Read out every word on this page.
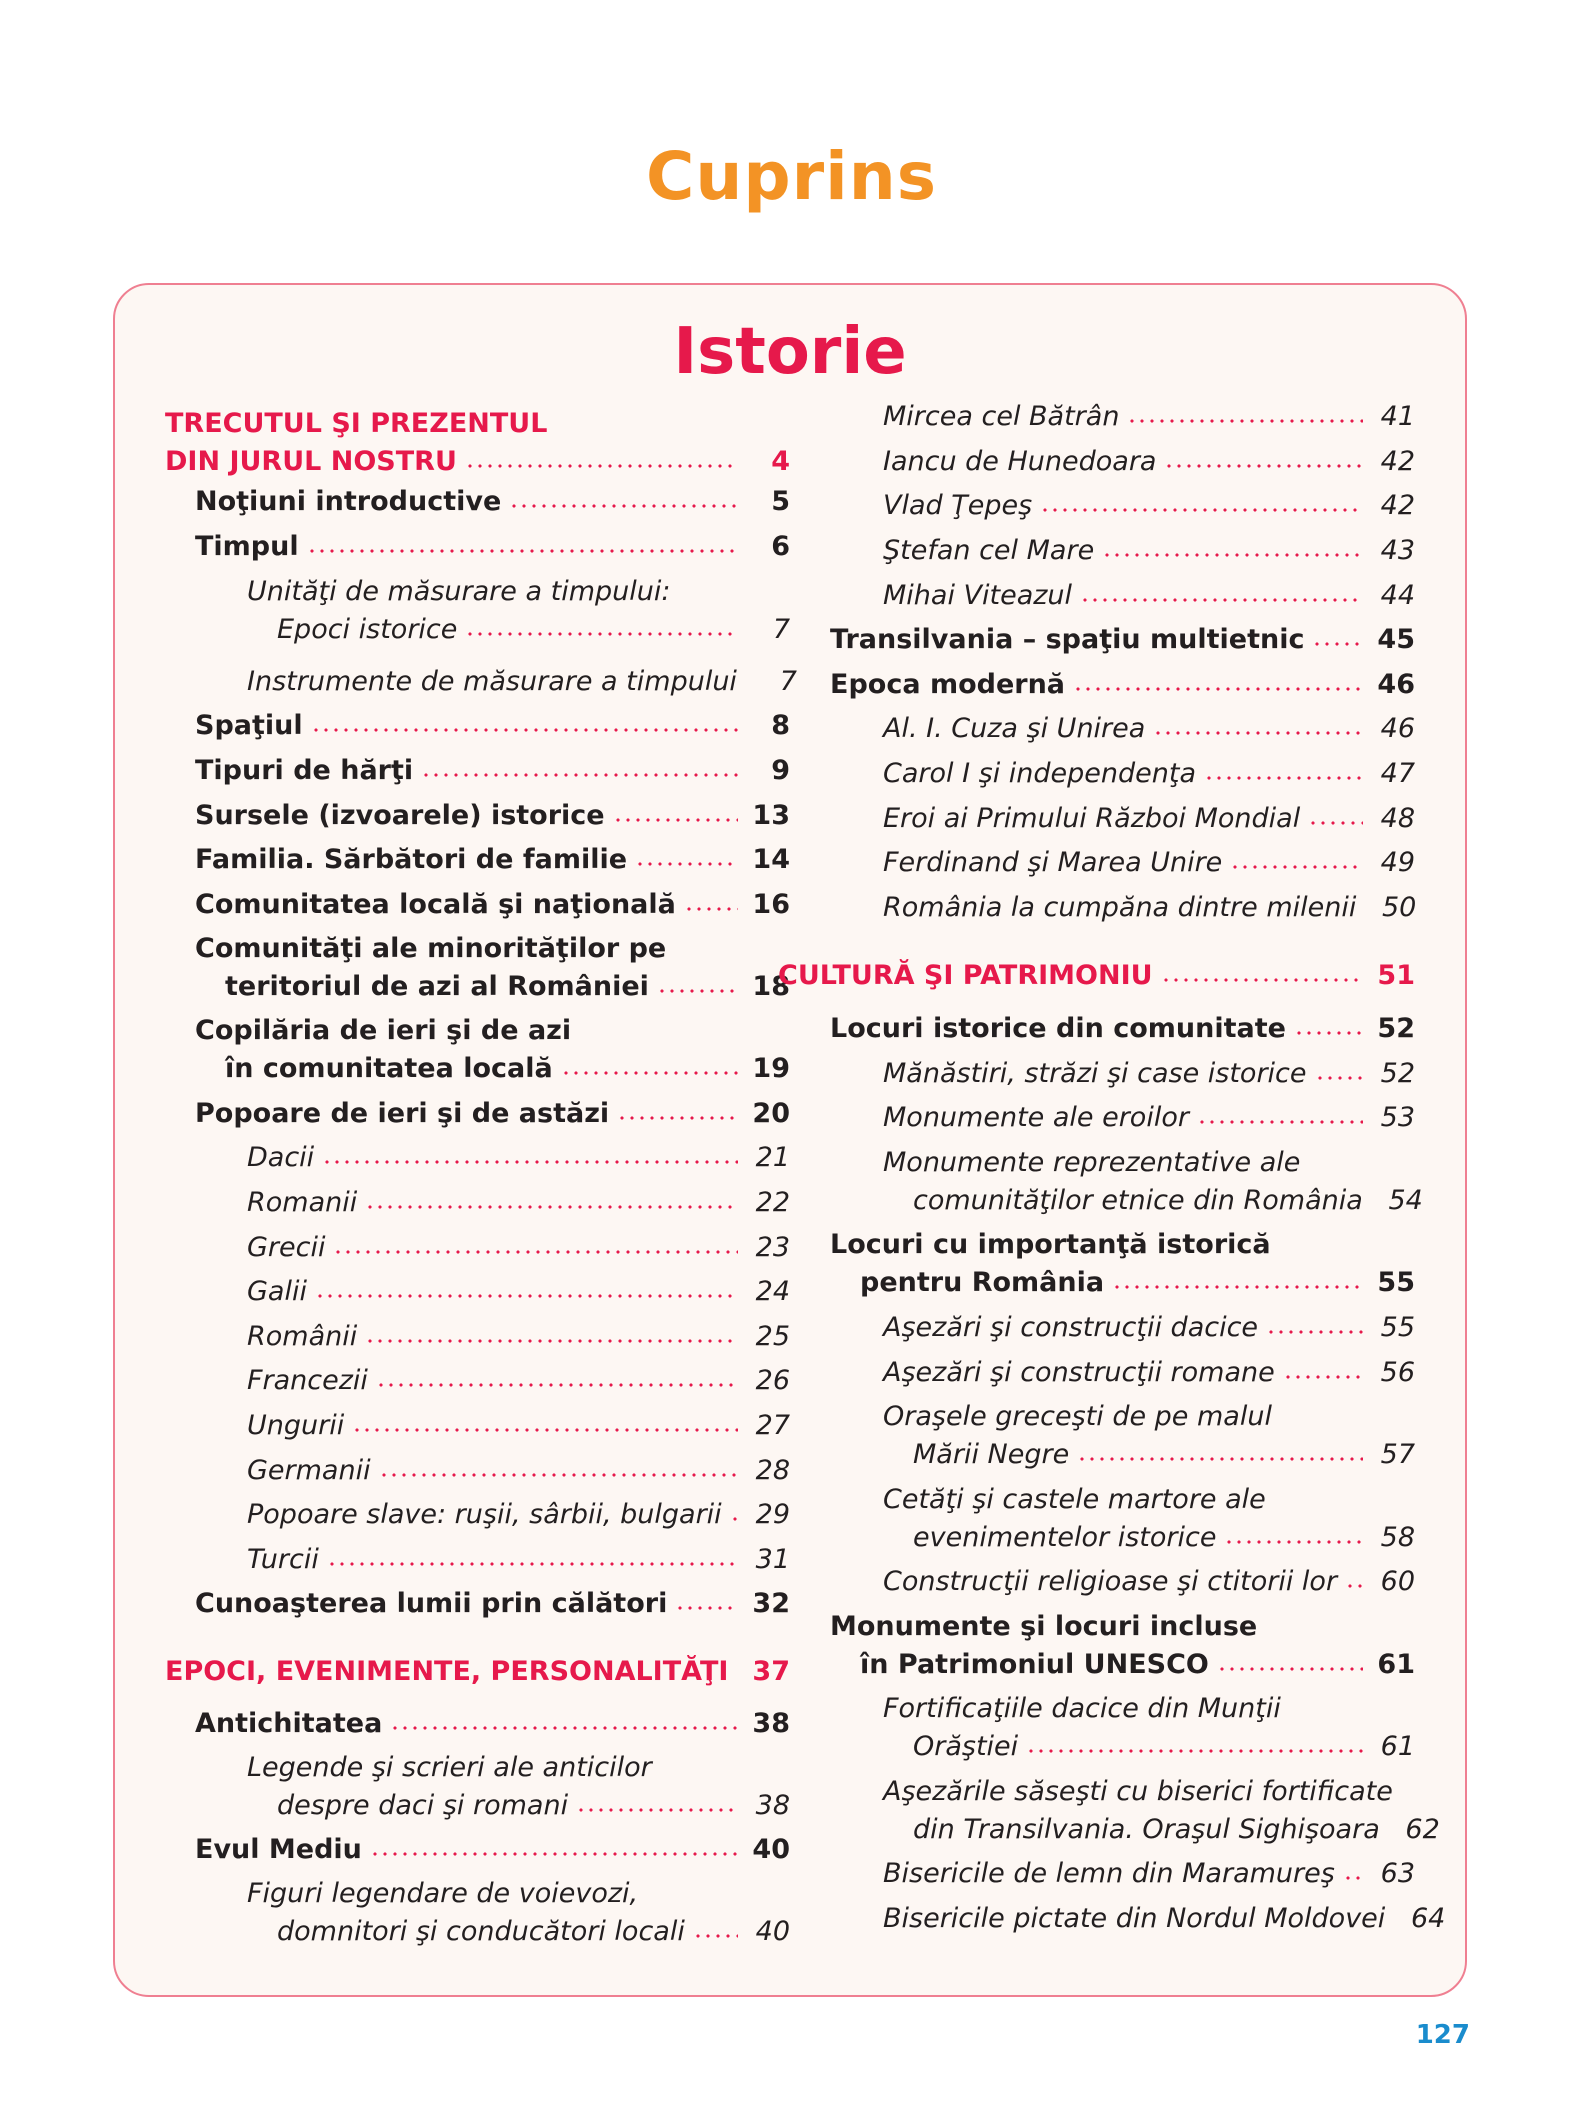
Cuprins
Istorie
TRECUTUL ŞI PREZENTUL
DIN JURUL NOSTRU	4
Noţiuni introductive	5
Timpul	6
Unităţi de măsurare a timpului:
Epoci istorice	7
Instrumente de măsurare a timpului	7
Spaţiul	8
Tipuri de hărţi	9
Sursele (izvoarele) istorice	13
Familia. Sărbători de familie	14
Comunitatea locală şi naţională	16
Comunităţi ale minorităţilor pe
teritoriul de azi al României	18
Copilăria de ieri şi de azi
în comunitatea locală	19
Popoare de ieri şi de astăzi	20
Dacii	21
Romanii	22
Grecii	23
Galii	24
Românii	25
Francezii	26
Ungurii	27
Germanii	28
Popoare slave: ruşii, sârbii, bulgarii	29
Turcii	31
Cunoaşterea lumii prin călători	32
EPOCI, EVENIMENTE, PERSONALITĂŢI 37
Antichitatea	38
Legende şi scrieri ale anticilor
despre daci şi romani	38
Evul Mediu	40
Figuri legendare de voievozi,
domnitori şi conducători locali	40
Mircea cel Bătrân	41
Iancu de Hunedoara	42
Vlad Ţepeş	42
Ştefan cel Mare	43
Mihai Viteazul	44
Transilvania – spaţiu multietnic	45
Epoca modernă	46
Al. I. Cuza şi Unirea	46
Carol I şi independenţa	47
Eroi ai Primului Război Mondial	48
Ferdinand şi Marea Unire	49
România la cumpăna dintre milenii 50
CULTURĂ ŞI PATRIMONIU	51
Locuri istorice din comunitate	52
Mănăstiri, străzi şi case istorice	52
Monumente ale eroilor	53
Monumente reprezentative ale
comunităţilor etnice din România 54
Locuri cu importanţă istorică
pentru România	55
Aşezări şi construcţii dacice	55
Aşezări şi construcţii romane	56
Oraşele greceşti de pe malul
Mării Negre	57
Cetăţi şi castele martore ale
evenimentelor istorice	58
Construcţii religioase şi ctitorii lor	60
Monumente şi locuri incluse
în Patrimoniul UNESCO	61
Fortificaţiile dacice din Munţii
Orăştiei	61
Aşezările săseşti cu biserici fortificate
din Transilvania. Oraşul Sighişoara 62
Bisericile de lemn din Maramureş	63
Bisericile pictate din Nordul Moldovei 64
127
